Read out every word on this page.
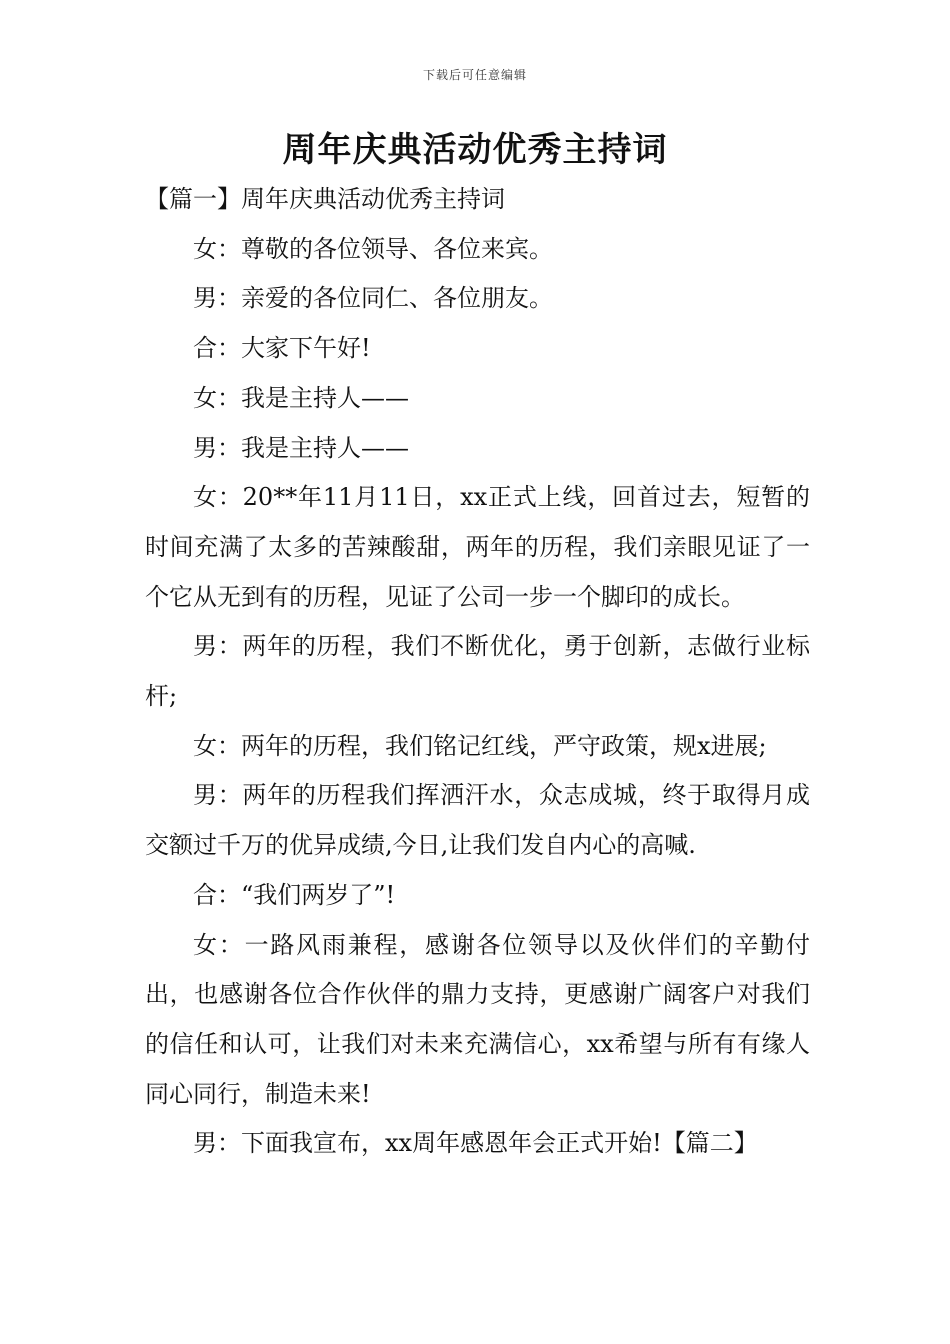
下载后可任意编辑
周年庆典活动优秀主持词

【篇一】周年庆典活动优秀主持词

女：尊敬的各位领导、各位来宾。

男：亲爱的各位同仁、各位朋友。

合：大家下午好!

女：我是主持人——

男：我是主持人——

女：20**年11月11日，xx正式上线，回首过去，短暂的时间充满了太多的苦辣酸甜，两年的历程，我们亲眼见证了一个它从无到有的历程，见证了公司一步一个脚印的成长。

男：两年的历程，我们不断优化，勇于创新，志做行业标杆;

女：两年的历程，我们铭记红线，严守政策，规x进展;

男：两年的历程我们挥洒汗水，众志成城，终于取得月成交额过千万的优异成绩,今日,让我们发自内心的高喊.

合：“我们两岁了”!

女：一路风雨兼程，感谢各位领导以及伙伴们的辛勤付出，也感谢各位合作伙伴的鼎力支持，更感谢广阔客户对我们的信任和认可，让我们对未来充满信心，xx希望与所有有缘人同心同行，制造未来!

男：下面我宣布，xx周年感恩年会正式开始!【篇二】
